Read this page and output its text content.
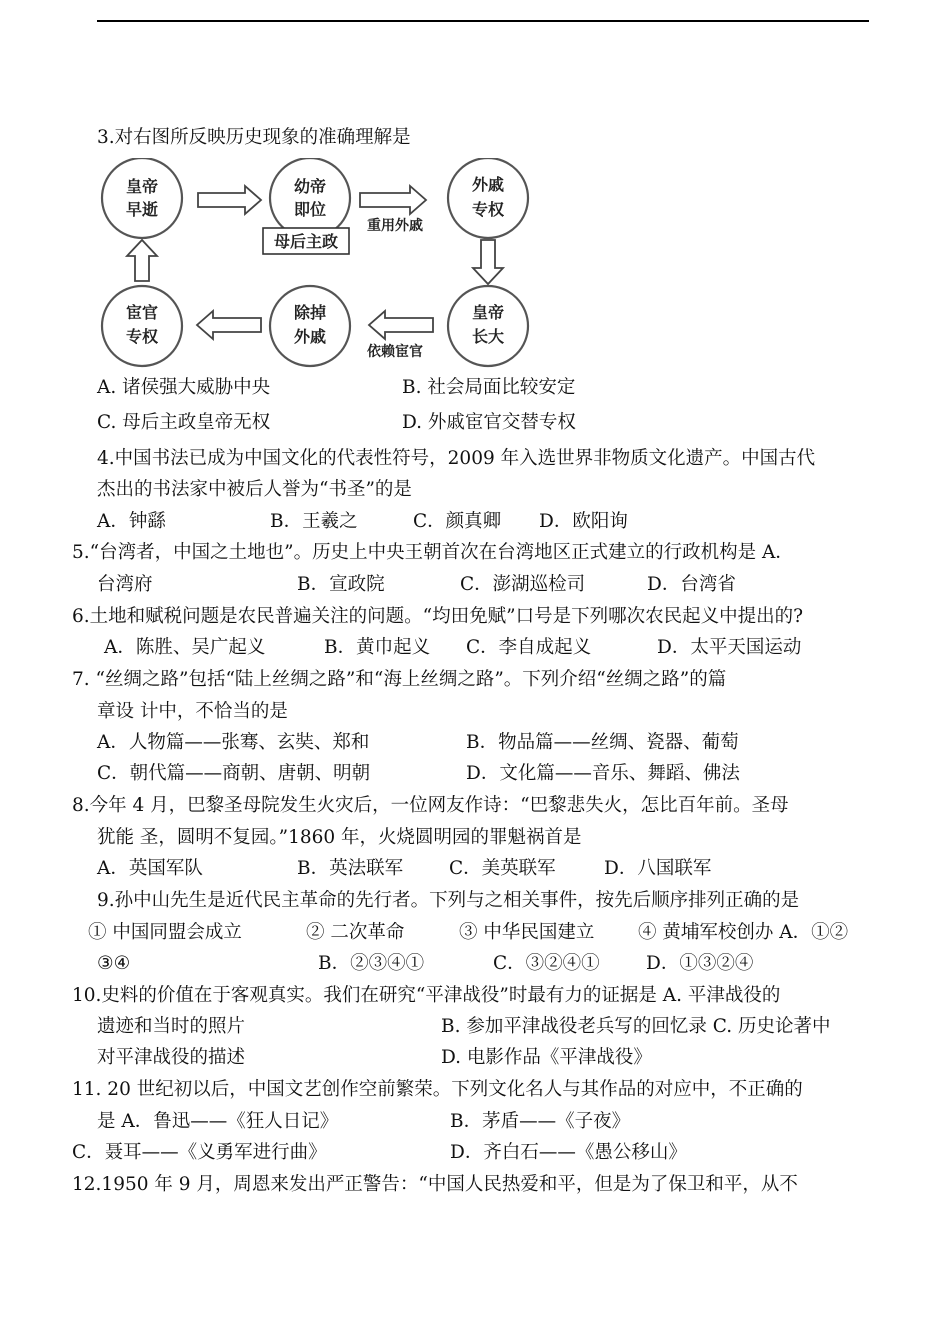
3.对右图所反映历史现象的准确理解是
皇帝
早逝
幼帝
即位
外戚
专权
皇帝
长大
除掉
外戚
宦官
专权
重用外戚
依赖宦官
母后主政
A. 诸侯强大威胁中央	B. 社会局面比较安定
C. 母后主政皇帝无权	D. 外戚宦官交替专权
4.中国书法已成为中国文化的代表性符号，2009 年入选世界非物质文化遗产。中国古代
杰出的书法家中被后人誉为“书圣”的是
A．钟繇	B．王羲之	C．颜真卿 D．欧阳询
5.“台湾者，中国之土地也”。历史上中央王朝首次在台湾地区正式建立的行政机构是 A．
台湾府	B．宣政院	C．澎湖巡检司	D．台湾省
6.土地和赋税问题是农民普遍关注的问题。“均田免赋”口号是下列哪次农民起义中提出的?
A．陈胜、吴广起义	B．黄巾起义 C．李自成起义	D．太平天国运动
7. “丝绸之路”包括“陆上丝绸之路”和“海上丝绸之路”。下列介绍“丝绸之路”的篇
章设 计中，不恰当的是
A．人物篇——张骞、玄奘、郑和	B．物品篇——丝绸、瓷器、葡萄
C．朝代篇——商朝、唐朝、明朝	D．文化篇——音乐、舞蹈、佛法
8.今年 4 月，巴黎圣母院发生火灾后，一位网友作诗：“巴黎悲失火，怎比百年前。圣母
犹能 圣，圆明不复园。”1860 年，火烧圆明园的罪魁祸首是
A．英国军队	B．英法联军 C．美英联军	D．八国联军
9.孙中山先生是近代民主革命的先行者。下列与之相关事件，按先后顺序排列正确的是
① 中国同盟会成立	② 二次革命	③ 中华民国建立 ④ 黄埔军校创办 A．①②
③④	B．②③④①	C．③②④①	D．①③②④
10.史料的价值在于客观真实。我们在研究“平津战役”时最有力的证据是 A. 平津战役的
遗迹和当时的照片	B. 参加平津战役老兵写的回忆录 C. 历史论著中
对平津战役的描述	D. 电影作品《平津战役》
11. 20 世纪初以后，中国文艺创作空前繁荣。下列文化名人与其作品的对应中，不正确的
是 A．鲁迅——《狂人日记》	B．茅盾——《子夜》
C．聂耳——《义勇军进行曲》	D．齐白石——《愚公移山》
12.1950 年 9 月，周恩来发出严正警告：“中国人民热爱和平，但是为了保卫和平，从不
